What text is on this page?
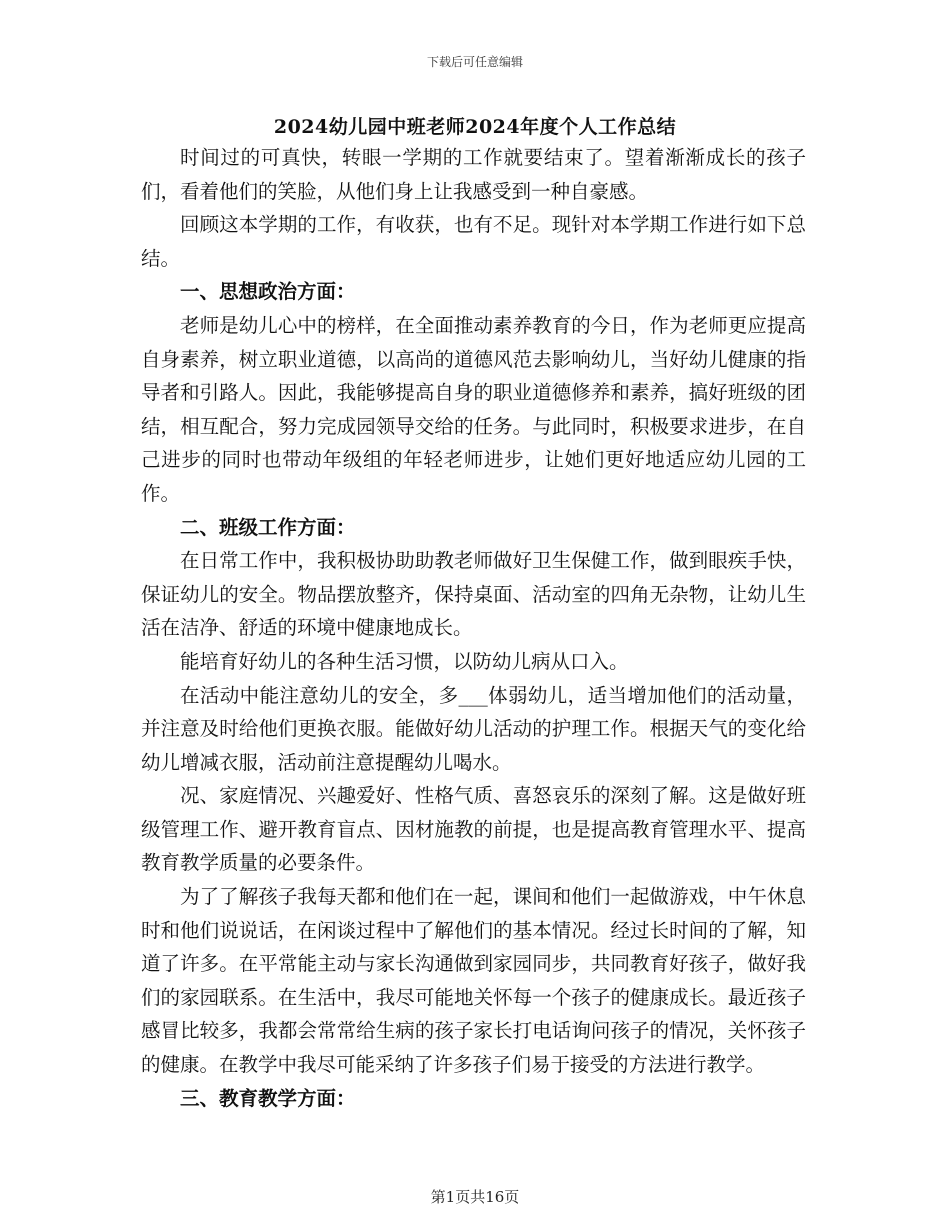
下载后可任意编辑
2024幼儿园中班老师2024年度个人工作总结

时间过的可真快，转眼一学期的工作就要结束了。望着渐渐成长的孩子们，看着他们的笑脸，从他们身上让我感受到一种自豪感。

回顾这本学期的工作，有收获，也有不足。现针对本学期工作进行如下总结。

一、思想政治方面：

老师是幼儿心中的榜样，在全面推动素养教育的今日，作为老师更应提高自身素养，树立职业道德，以高尚的道德风范去影响幼儿，当好幼儿健康的指导者和引路人。因此，我能够提高自身的职业道德修养和素养，搞好班级的团结，相互配合，努力完成园领导交给的任务。与此同时，积极要求进步，在自己进步的同时也带动年级组的年轻老师进步，让她们更好地适应幼儿园的工作。

二、班级工作方面：

在日常工作中，我积极协助助教老师做好卫生保健工作，做到眼疾手快，保证幼儿的安全。物品摆放整齐，保持桌面、活动室的四角无杂物，让幼儿生活在洁净、舒适的环境中健康地成长。

能培育好幼儿的各种生活习惯，以防幼儿病从口入。

在活动中能注意幼儿的安全，多___体弱幼儿，适当增加他们的活动量，并注意及时给他们更换衣服。能做好幼儿活动的护理工作。根据天气的变化给幼儿增减衣服，活动前注意提醒幼儿喝水。

况、家庭情况、兴趣爱好、性格气质、喜怒哀乐的深刻了解。这是做好班级管理工作、避开教育盲点、因材施教的前提，也是提高教育管理水平、提高教育教学质量的必要条件。

为了了解孩子我每天都和他们在一起，课间和他们一起做游戏，中午休息时和他们说说话，在闲谈过程中了解他们的基本情况。经过长时间的了解，知道了许多。在平常能主动与家长沟通做到家园同步，共同教育好孩子，做好我们的家园联系。在生活中，我尽可能地关怀每一个孩子的健康成长。最近孩子感冒比较多，我都会常常给生病的孩子家长打电话询问孩子的情况，关怀孩子的健康。在教学中我尽可能采纳了许多孩子们易于接受的方法进行教学。

三、教育教学方面：

第1页共16页
